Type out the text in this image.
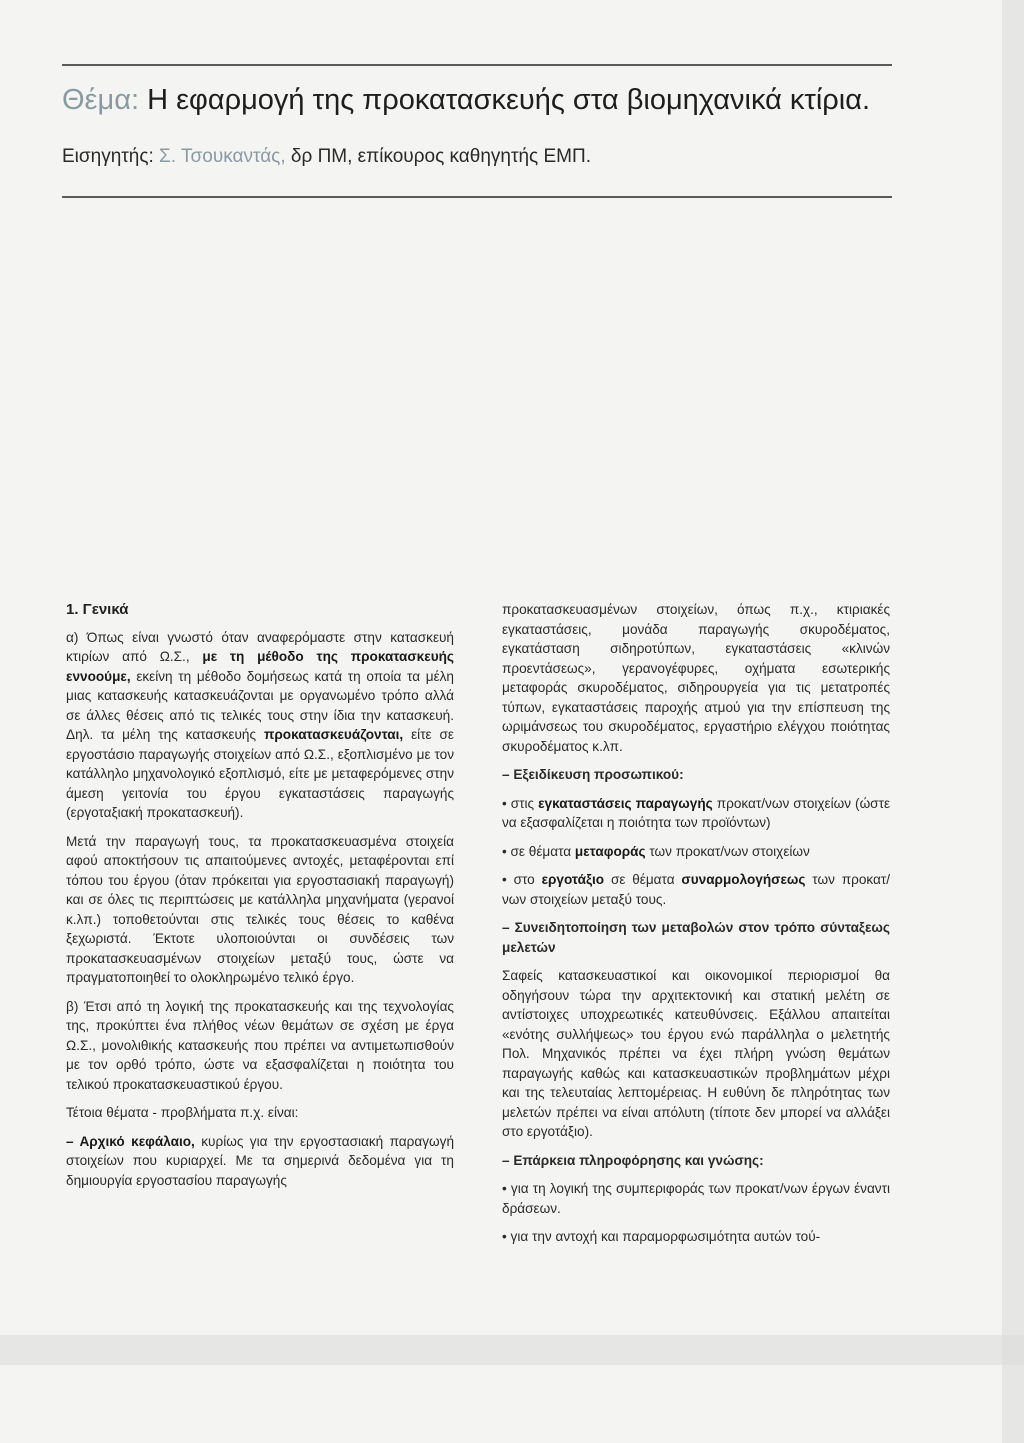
Θέμα: Η εφαρμογή της προκατασκευής στα βιομηχανικά κτίρια.
Εισηγητής: Σ. Τσουκαντάς, δρ ΠΜ, επίκουρος καθηγητής ΕΜΠ.
1. Γενικά

α) Όπως είναι γνωστό όταν αναφερόμαστε στην κατασκευή κτιρίων από Ω.Σ., με τη μέθοδο της προκατασκευής εννοούμε, εκείνη τη μέθοδο δομήσεως κατά τη οποία τα μέλη μιας κατασκευής κατασκευάζονται με οργανωμένο τρόπο αλλά σε άλλες θέσεις από τις τελικές τους στην ίδια την κατασκευή. Δηλ. τα μέλη της κατασκευής προκατασκευάζονται, είτε σε εργοστάσιο παραγωγής στοιχείων από Ω.Σ., εξοπλισμένο με τον κατάλληλο μηχανολογικό εξοπλισμό, είτε με μεταφερόμενες στην άμεση γειτονία του έργου εγκαταστάσεις παραγωγής (εργοταξιακή προκατασκευή).

Μετά την παραγωγή τους, τα προκατασκευασμένα στοιχεία αφού αποκτήσουν τις απαιτούμενες αντοχές, μεταφέρονται επί τόπου του έργου (όταν πρόκειται για εργοστασιακή παραγωγή) και σε όλες τις περιπτώσεις με κατάλληλα μηχανήματα (γερανοί κ.λπ.) τοποθετούνται στις τελικές τους θέσεις το καθένα ξεχωριστά. Έκτοτε υλοποιούνται οι συνδέσεις των προκατασκευασμένων στοιχείων μεταξύ τους, ώστε να πραγματοποιηθεί το ολοκληρωμένο τελικό έργο.

β) Έτσι από τη λογική της προκατασκευής και της τεχνολογίας της, προκύπτει ένα πλήθος νέων θεμάτων σε σχέση με έργα Ω.Σ., μονολιθικής κατασκευής που πρέπει να αντιμετωπισθούν με τον ορθό τρόπο, ώστε να εξασφαλίζεται η ποιότητα του τελικού προκατασκευαστικού έργου.

Τέτοια θέματα - προβλήματα π.χ. είναι:

– Αρχικό κεφάλαιο, κυρίως για την εργοστασιακή παραγωγή στοιχείων που κυριαρχεί. Με τα σημερινά δεδομένα για τη δημιουργία εργοστασίου παραγωγής

προκατασκευασμένων στοιχείων, όπως π.χ., κτιριακές εγκαταστάσεις, μονάδα παραγωγής σκυροδέματος, εγκατάσταση σιδηροτύπων, εγκαταστάσεις «κλινών προεντάσεως», γερανογέφυρες, οχήματα εσωτερικής μεταφοράς σκυροδέματος, σιδηρουργεία για τις μετατροπές τύπων, εγκαταστάσεις παροχής ατμού για την επίσπευση της ωριμάνσεως του σκυροδέματος, εργαστήριο ελέγχου ποιότητας σκυροδέματος κ.λπ.

– Εξειδίκευση προσωπικού:

• στις εγκαταστάσεις παραγωγής προκατ/νων στοιχείων (ώστε να εξασφαλίζεται η ποιότητα των προϊόντων)

• σε θέματα μεταφοράς των προκατ/νων στοιχείων

• στο εργοτάξιο σε θέματα συναρμολογήσεως των προκατ/νων στοιχείων μεταξύ τους.

– Συνειδητοποίηση των μεταβολών στον τρόπο σύνταξεως μελετών

Σαφείς κατασκευαστικοί και οικονομικοί περιορισμοί θα οδηγήσουν τώρα την αρχιτεκτονική και στατική μελέτη σε αντίστοιχες υποχρεωτικές κατευθύνσεις. Εξάλλου απαιτείται «ενότης συλλήψεως» του έργου ενώ παράλληλα ο μελετητής Πολ. Μηχανικός πρέπει να έχει πλήρη γνώση θεμάτων παραγωγής καθώς και κατασκευαστικών προβλημάτων μέχρι και της τελευταίας λεπτομέρειας. Η ευθύνη δε πληρότητας των μελετών πρέπει να είναι απόλυτη (τίποτε δεν μπορεί να αλλάξει στο εργοτάξιο).

– Επάρκεια πληροφόρησης και γνώσης:

• για τη λογική της συμπεριφοράς των προκατ/νων έργων έναντι δράσεων.

• για την αντοχή και παραμορφωσιμότητα αυτών τού-
